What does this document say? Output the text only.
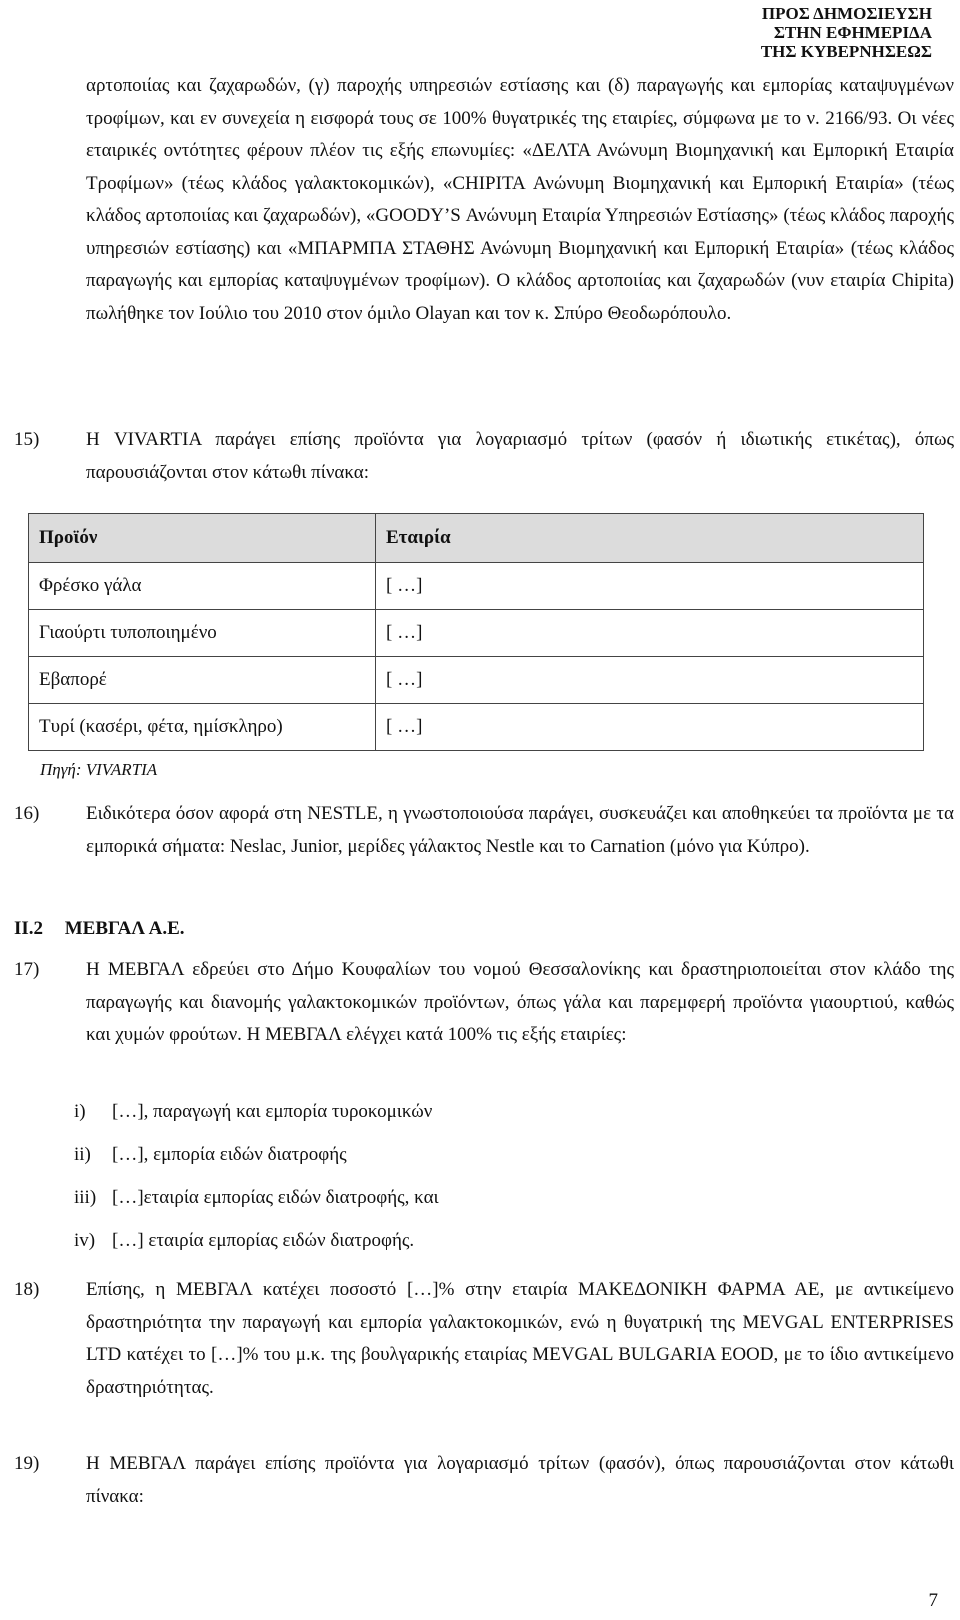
ΠΡΟΣ ΔΗΜΟΣΙΕΥΣΗ
ΣΤΗΝ ΕΦΗΜΕΡΙΔΑ
ΤΗΣ ΚΥΒΕΡΝΗΣΕΩΣ

αρτοποιίας και ζαχαρωδών, (γ) παροχής υπηρεσιών εστίασης και (δ) παραγωγής και εμπορίας καταψυγμένων τροφίμων, και εν συνεχεία η εισφορά τους σε 100% θυγατρικές της εταιρίες, σύμφωνα με το ν. 2166/93. Οι νέες εταιρικές οντότητες φέρουν πλέον τις εξής επωνυμίες: «ΔΕΛΤΑ Ανώνυμη Βιομηχανική και Εμπορική Εταιρία Τροφίμων» (τέως κλάδος γαλακτοκομικών), «CHIPITA Ανώνυμη Βιομηχανική και Εμπορική Εταιρία» (τέως κλάδος αρτοποιίας και ζαχαρωδών), «GOODY’S Ανώνυμη Εταιρία Υπηρεσιών Εστίασης» (τέως κλάδος παροχής υπηρεσιών εστίασης) και «ΜΠΑΡΜΠΑ ΣΤΑΘΗΣ Ανώνυμη Βιομηχανική και Εμπορική Εταιρία» (τέως κλάδος παραγωγής και εμπορίας καταψυγμένων τροφίμων). Ο κλάδος αρτοποιίας και ζαχαρωδών (νυν εταιρία Chipita) πωλήθηκε τον Ιούλιο του 2010 στον όμιλο Olayan και τον κ. Σπύρο Θεοδωρόπουλο.

15) Η VIVARTIA παράγει επίσης προϊόντα για λογαριασμό τρίτων (φασόν ή ιδιωτικής ετικέτας), όπως παρουσιάζονται στον κάτωθι πίνακα:
Προϊόν	Εταιρία
Φρέσκο γάλα	[ …]
Γιαούρτι τυποποιημένο	[ …]
Εβαπορέ	[ …]
Τυρί (κασέρι, φέτα, ημίσκληρο)	[ …]
Πηγή: VIVARTIA
16) Ειδικότερα όσον αφορά στη NESTLE, η γνωστοποιούσα παράγει, συσκευάζει και αποθηκεύει τα προϊόντα με τα εμπορικά σήματα: Neslac, Junior, μερίδες γάλακτος Nestle και το Carnation (μόνο για Κύπρο).
ΙΙ.2 ΜΕΒΓΑΛ Α.Ε.
17) Η ΜΕΒΓΑΛ εδρεύει στο Δήμο Κουφαλίων του νομού Θεσσαλονίκης και δραστηριοποιείται στον κλάδο της παραγωγής και διανομής γαλακτοκομικών προϊόντων, όπως γάλα και παρεμφερή προϊόντα γιαουρτιού, καθώς και χυμών φρούτων. Η ΜΕΒΓΑΛ ελέγχει κατά 100% τις εξής εταιρίες:
i) […], παραγωγή και εμπορία τυροκομικών
ii) […], εμπορία ειδών διατροφής
iii) […]εταιρία εμπορίας ειδών διατροφής, και
iv) […] εταιρία εμπορίας ειδών διατροφής.
18) Επίσης, η ΜΕΒΓΑΛ κατέχει ποσοστό […]% στην εταιρία ΜΑΚΕΔΟΝΙΚΗ ΦΑΡΜΑ ΑΕ, με αντικείμενο δραστηριότητα την παραγωγή και εμπορία γαλακτοκομικών, ενώ η θυγατρική της MEVGAL ENTERPRISES LTD κατέχει το […]% του μ.κ. της βουλγαρικής εταιρίας MEVGAL BULGARIA EOOD, με το ίδιο αντικείμενο δραστηριότητας.
19) Η ΜΕΒΓΑΛ παράγει επίσης προϊόντα για λογαριασμό τρίτων (φασόν), όπως παρουσιάζονται στον κάτωθι πίνακα:
7
